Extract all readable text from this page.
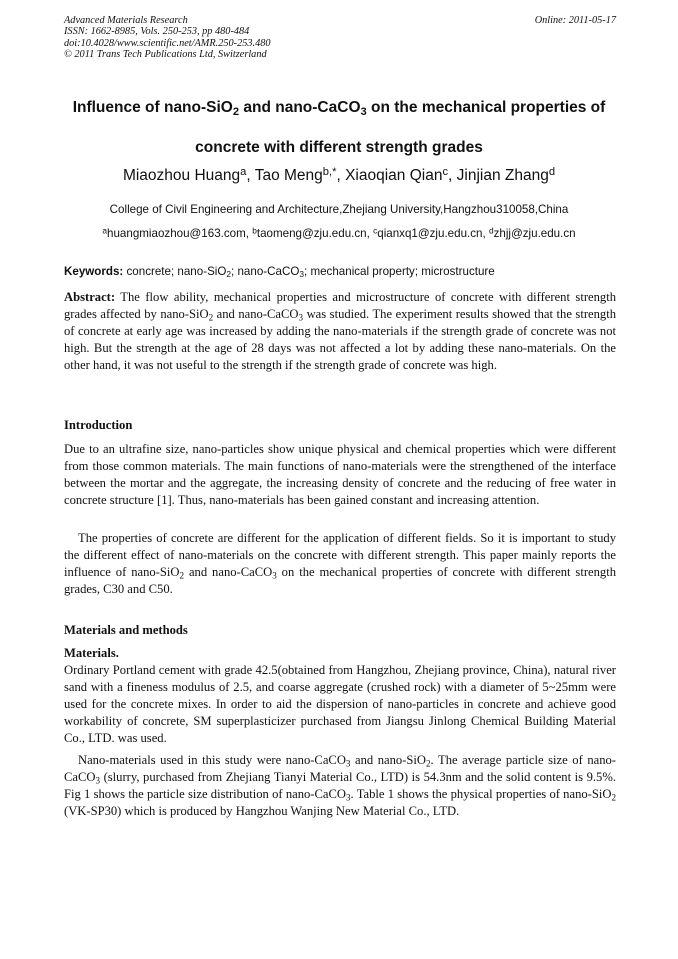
Advanced Materials Research
ISSN: 1662-8985, Vols. 250-253, pp 480-484
doi:10.4028/www.scientific.net/AMR.250-253.480
© 2011 Trans Tech Publications Ltd, Switzerland
Online: 2011-05-17
Influence of nano-SiO$_2$ and nano-CaCO$_3$ on the mechanical properties of
concrete with different strength grades
Miaozhou Huang$^a$, Tao Meng$^{b,*}$, Xiaoqian Qian$^c$, Jinjian Zhang$^d$
College of Civil Engineering and Architecture,Zhejiang University,Hangzhou310058,China
$^a$huangmiaozhou@163.com, $^b$taomeng@zju.edu.cn, $^c$qianxq1@zju.edu.cn, $^d$zhjj@zju.edu.cn
Keywords: concrete; nano-SiO$_2$; nano-CaCO$_3$; mechanical property; microstructure
Abstract: The flow ability, mechanical properties and microstructure of concrete with different strength grades affected by nano-SiO$_2$ and nano-CaCO$_3$ was studied. The experiment results showed that the strength of concrete at early age was increased by adding the nano-materials if the strength grade of concrete was not high. But the strength at the age of 28 days was not affected a lot by adding these nano-materials. On the other hand, it was not useful to the strength if the strength grade of concrete was high.
Introduction
Due to an ultrafine size, nano-particles show unique physical and chemical properties which were different from those common materials. The main functions of nano-materials were the strengthened of the interface between the mortar and the aggregate, the increasing density of concrete and the reducing of free water in concrete structure [1]. Thus, nano-materials has been gained constant and increasing attention.
The properties of concrete are different for the application of different fields. So it is important to study the different effect of nano-materials on the concrete with different strength. This paper mainly reports the influence of nano-SiO$_2$ and nano-CaCO$_3$ on the mechanical properties of concrete with different strength grades, C30 and C50.
Materials and methods
Materials.
Ordinary Portland cement with grade 42.5(obtained from Hangzhou, Zhejiang province, China), natural river sand with a fineness modulus of 2.5, and coarse aggregate (crushed rock) with a diameter of 5~25mm were used for the concrete mixes. In order to aid the dispersion of nano-particles in concrete and achieve good workability of concrete, SM superplasticizer purchased from Jiangsu Jinlong Chemical Building Material Co., LTD. was used.
Nano-materials used in this study were nano-CaCO$_3$ and nano-SiO$_2$. The average particle size of nano-CaCO$_3$ (slurry, purchased from Zhejiang Tianyi Material Co., LTD) is 54.3nm and the solid content is 9.5%. Fig 1 shows the particle size distribution of nano-CaCO$_3$. Table 1 shows the physical properties of nano-SiO$_2$ (VK-SP30) which is produced by Hangzhou Wanjing New Material Co., LTD.
